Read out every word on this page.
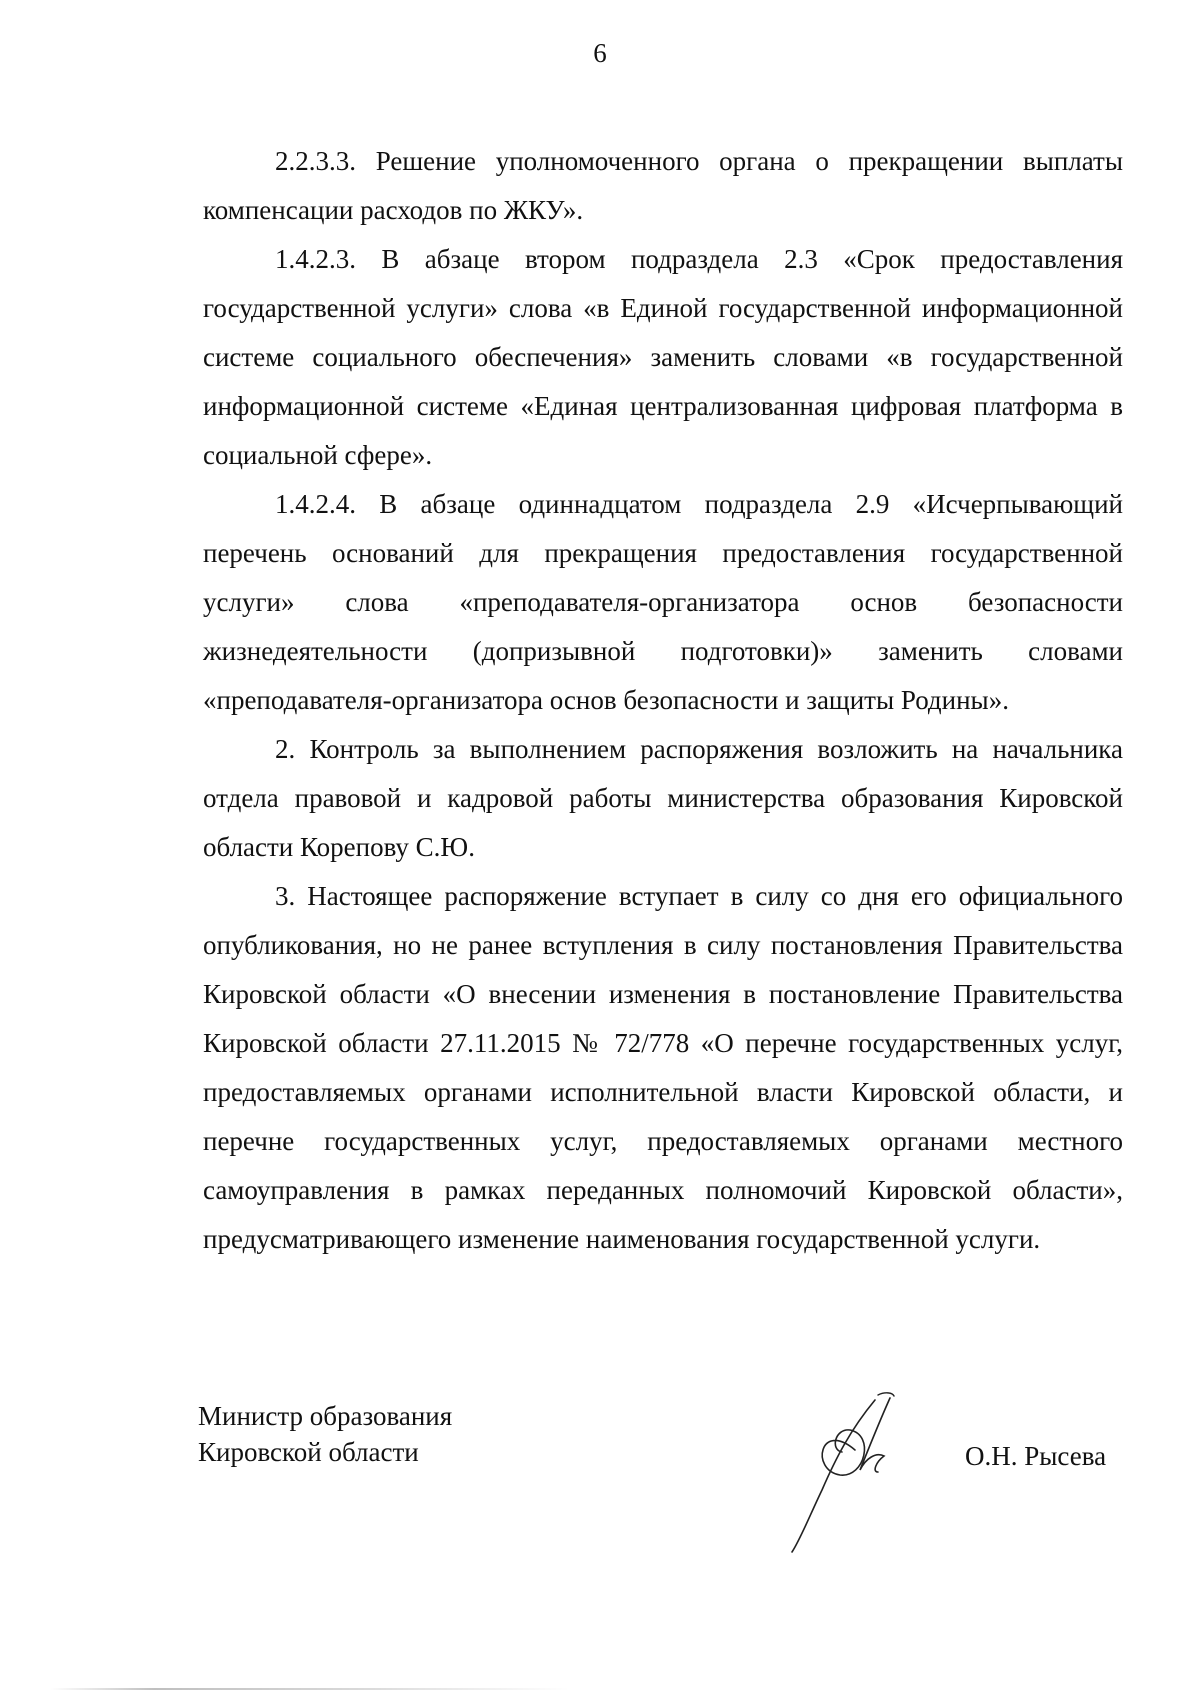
6

2.2.3.3. Решение уполномоченного органа о прекращении выплаты компенсации расходов по ЖКУ».

1.4.2.3. В абзаце втором подраздела 2.3 «Срок предоставления государственной услуги» слова «в Единой государственной информационной системе социального обеспечения» заменить словами «в государственной информационной системе «Единая централизованная цифровая платформа в социальной сфере».

1.4.2.4. В абзаце одиннадцатом подраздела 2.9 «Исчерпывающий перечень оснований для прекращения предоставления государственной услуги» слова «преподавателя-организатора основ безопасности жизнедеятельности (допризывной подготовки)» заменить словами «преподавателя-организатора основ безопасности и защиты Родины».

2. Контроль за выполнением распоряжения возложить на начальника отдела правовой и кадровой работы министерства образования Кировской области Корепову С.Ю.

3. Настоящее распоряжение вступает в силу со дня его официального опубликования, но не ранее вступления в силу постановления Правительства Кировской области «О внесении изменения в постановление Правительства Кировской области 27.11.2015 № 72/778 «О перечне государственных услуг, предоставляемых органами исполнительной власти Кировской области, и перечне государственных услуг, предоставляемых органами местного самоуправления в рамках переданных полномочий Кировской области», предусматривающего изменение наименования государственной услуги.

Министр образования
Кировской области	О.Н. Рысева
